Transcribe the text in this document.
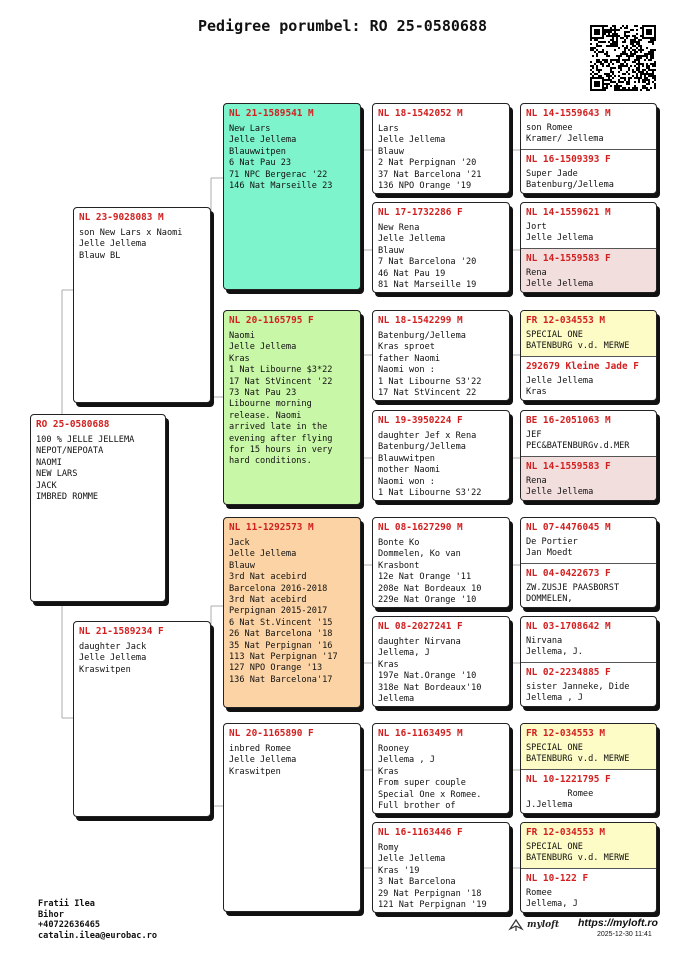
Pedigree porumbel: RO 25-0580688
RO 25-0580688
100 % JELLE JELLEMA
NEPOT/NEPOATA
NAOMI
NEW LARS
JACK
IMBRED ROMME
NL 23-9028083 M
son New Lars x Naomi
Jelle Jellema
Blauw BL
NL 21-1589234 F
daughter Jack
Jelle Jellema
Kraswitpen
NL 21-1589541 M
New Lars
Jelle Jellema
Blauwwitpen
6 Nat Pau 23
71 NPC Bergerac '22
146 Nat Marseille 23
NL 20-1165795 F
Naomi
Jelle Jellema
Kras
1 Nat Libourne $3*22
17 Nat StVincent '22
73 Nat Pau 23
Libourne morning
release. Naomi
arrived late in the
evening after flying
for 15 hours in very
hard conditions.
NL 11-1292573 M
Jack
Jelle Jellema
Blauw
3rd Nat acebird
Barcelona 2016-2018
3rd Nat acebird
Perpignan 2015-2017
6 Nat St.Vincent '15
26 Nat Barcelona '18
35 Nat Perpignan '16
113 Nat Perpignan '17
127 NPO Orange '13
136 Nat Barcelona'17
NL 20-1165890 F
inbred Romee
Jelle Jellema
Kraswitpen
NL 18-1542052 M
Lars
Jelle Jellema
Blauw
2 Nat Perpignan '20
37 Nat Barcelona '21
136 NPO Orange '19
NL 17-1732286 F
New Rena
Jelle Jellema
Blauw
7 Nat Barcelona '20
46 Nat Pau 19
81 Nat Marseille 19
NL 18-1542299 M
Batenburg/Jellema
Kras sproet
father Naomi
Naomi won :
1 Nat Libourne S3'22
17 Nat StVincent 22
NL 19-3950224 F
daughter Jef x Rena
Batenburg/Jellema
Blauwwitpen
mother Naomi
Naomi won :
1 Nat Libourne S3'22
NL 08-1627290 M
Bonte Ko
Dommelen, Ko van
Krasbont
12e Nat Orange '11
208e Nat Bordeaux 10
229e Nat Orange '10
NL 08-2027241 F
daughter Nirvana
Jellema, J
Kras
197e Nat.Orange '10
318e Nat Bordeaux'10
Jellema
NL 16-1163495 M
Rooney
Jellema , J
Kras
From super couple
Special One x Romee.
Full brother of
NL 16-1163446 F
Romy
Jelle Jellema
Kras '19
3 Nat Barcelona
29 Nat Perpignan '18
121 Nat Perpignan '19
NL 14-1559643 M
son Romee
Kramer/ Jellema
NL 16-1509393 F
Super Jade
Batenburg/Jellema
NL 14-1559621 M
Jort
Jelle Jellema
NL 14-1559583 F
Rena
Jelle Jellema
FR 12-034553 M
SPECIAL ONE
BATENBURG v.d. MERWE
292679 Kleine Jade F
Jelle Jellema
Kras
BE 16-2051063 M
JEF
PEC&BATENBURGv.d.MER
NL 14-1559583 F
Rena
Jelle Jellema
NL 07-4476045 M
De Portier
Jan Moedt
NL 04-0422673 F
ZW.ZUSJE PAASBORST
DOMMELEN,
NL 03-1708642 M
Nirvana
Jellema, J.
NL 02-2234885 F
sister Janneke, Dide
Jellema , J
FR 12-034553 M
SPECIAL ONE
BATENBURG v.d. MERWE
NL 10-1221795 F
Romee
J.Jellema
FR 12-034553 M
SPECIAL ONE
BATENBURG v.d. MERWE
NL 10-122 F
Romee
Jellema, J
Fratii Ilea
Bihor
+40722636465
catalin.ilea@eurobac.ro
myloft https://myloft.ro
2025-12-30 11:41
